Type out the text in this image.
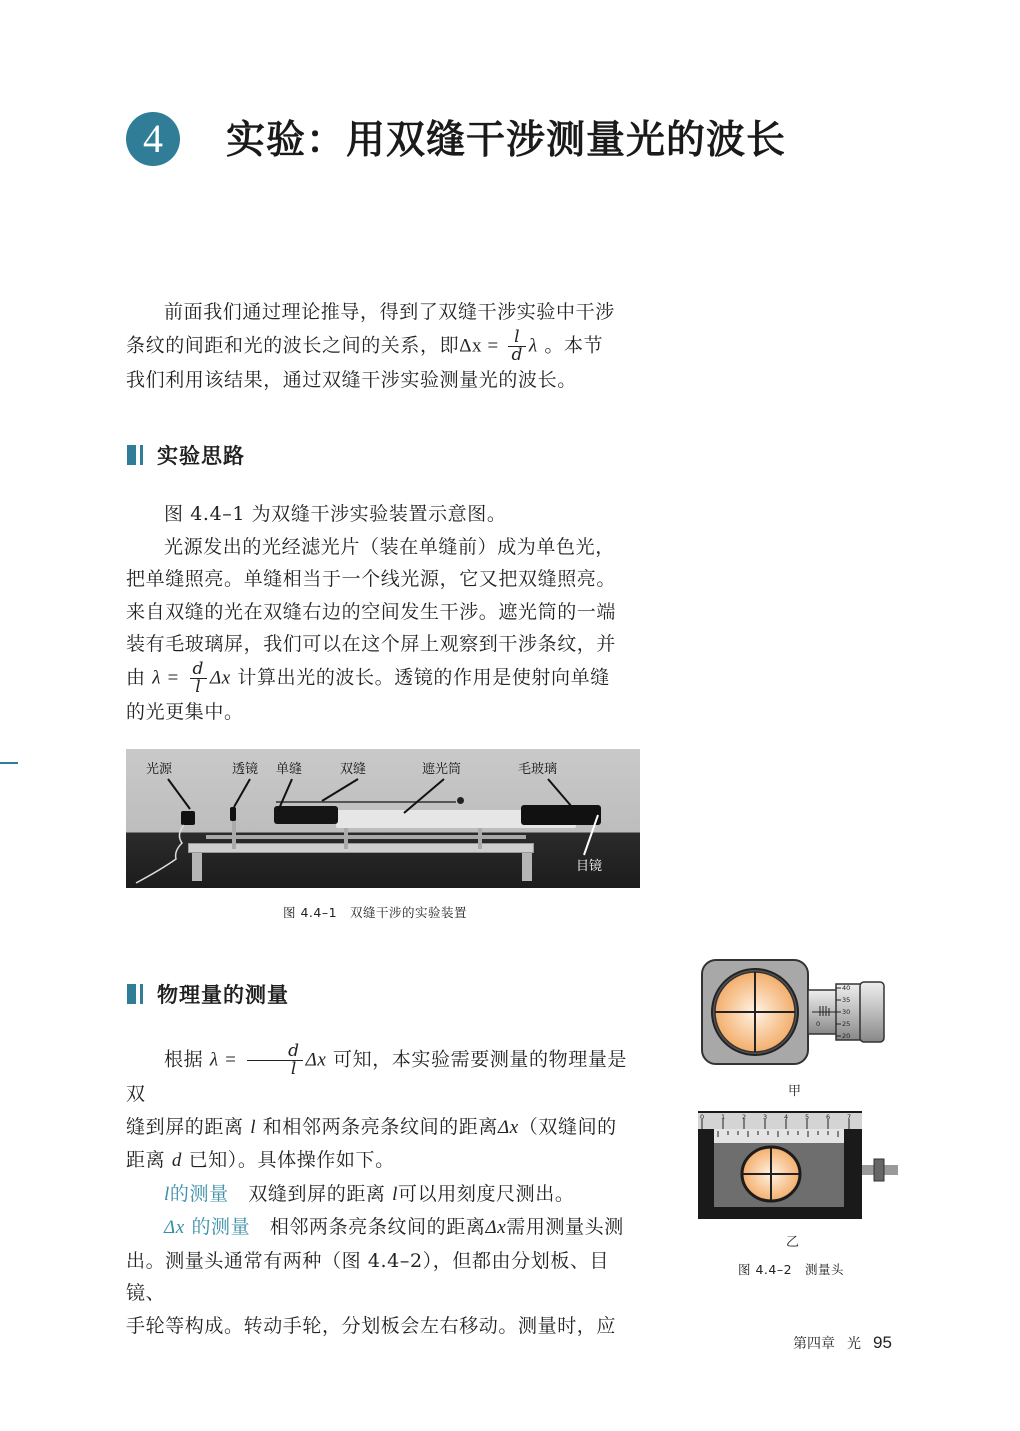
4	实验：用双缝干涉测量光的波长
前面我们通过理论推导，得到了双缝干涉实验中干涉
条纹的间距和光的波长之间的关系，即$\Delta x = \frac{l}{d}$ λ 。本节
我们利用该结果，通过双缝干涉实验测量光的波长。
实验思路
图 4.4–1 为双缝干涉实验装置示意图。
光源发出的光经滤光片（装在单缝前）成为单色光，
把单缝照亮。单缝相当于一个线光源，它又把双缝照亮。
来自双缝的光在双缝右边的空间发生干涉。遮光筒的一端
装有毛玻璃屏，我们可以在这个屏上观察到干涉条纹，并
由 $\lambda = \frac{d}{l}$ Δx 计算出光的波长。透镜的作用是使射向单缝
的光更集中。
光源	透镜 单缝	双缝	遮光筒	毛玻璃
目镜
图 4.4–1　双缝干涉的实验装置
物理量的测量
根据 $\lambda = \frac{d}{l}$ Δx 可知，本实验需要测量的物理量是双
缝到屏的距离 l 和相邻两条亮条纹间的距离Δx（双缝间的
距离 d 已知）。具体操作如下。
l的测量　 双缝到屏的距离 l可以用刻度尺测出。
Δx 的测量　 相邻两条亮条纹间的距离Δx需用测量头测
出。测量头通常有两种（图 4.4–2），但都由分划板、目镜、
手轮等构成。转动手轮，分划板会左右移动。测量时，应
40
35
30
25
20
0
甲
0	1	2	3	4	5	6	7
乙
图 4.4–2　测量头
第四章 光 95
